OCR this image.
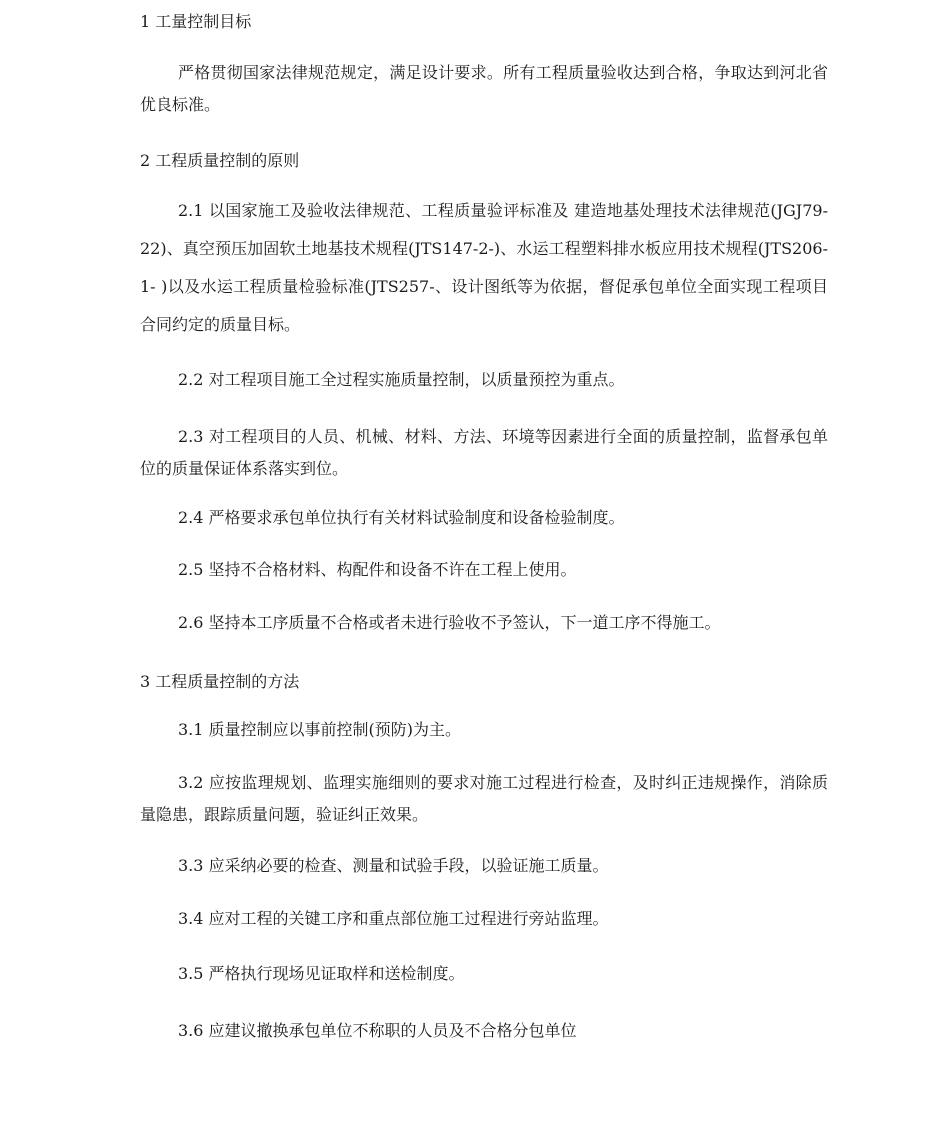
1 工量控制目标

严格贯彻国家法律规范规定，满足设计要求。所有工程质量验收达到合格，争取达到河北省优良标准。

2 工程质量控制的原则

2.1 以国家施工及验收法律规范、工程质量验评标准及 建造地基处理技术法律规范(JGJ79-22)、真空预压加固软土地基技术规程(JTS147-2-)、水运工程塑料排水板应用技术规程(JTS206-1- )以及水运工程质量检验标准(JTS257-、设计图纸等为依据，督促承包单位全面实现工程项目合同约定的质量目标。

2.2 对工程项目施工全过程实施质量控制，以质量预控为重点。

2.3 对工程项目的人员、机械、材料、方法、环境等因素进行全面的质量控制，监督承包单位的质量保证体系落实到位。

2.4 严格要求承包单位执行有关材料试验制度和设备检验制度。

2.5 坚持不合格材料、构配件和设备不许在工程上使用。

2.6 坚持本工序质量不合格或者未进行验收不予签认，下一道工序不得施工。

3 工程质量控制的方法

3.1 质量控制应以事前控制(预防)为主。

3.2 应按监理规划、监理实施细则的要求对施工过程进行检查，及时纠正违规操作，消除质量隐患，跟踪质量问题，验证纠正效果。

3.3 应采纳必要的检查、测量和试验手段，以验证施工质量。

3.4 应对工程的关键工序和重点部位施工过程进行旁站监理。

3.5 严格执行现场见证取样和送检制度。

3.6 应建议撤换承包单位不称职的人员及不合格分包单位
